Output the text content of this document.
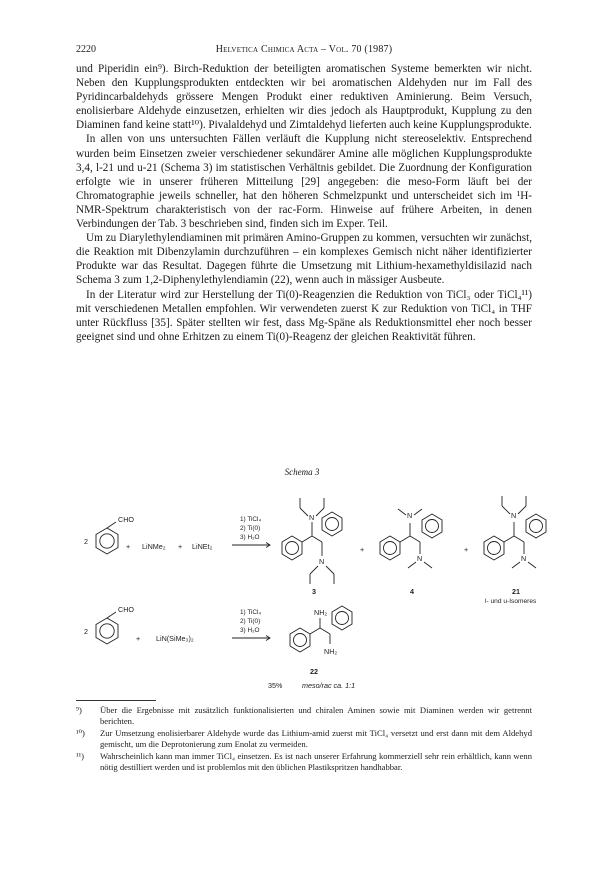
2220	Helvetica Chimica Acta – Vol. 70 (1987)

und Piperidin ein⁹). Birch-Reduktion der beteiligten aromatischen Systeme bemerkten wir nicht. Neben den Kupplungsprodukten entdeckten wir bei aromatischen Aldehyden nur im Fall des Pyridincarbaldehyds grössere Mengen Produkt einer reduktiven Aminierung. Beim Versuch, enolisierbare Aldehyde einzusetzen, erhielten wir dies jedoch als Hauptprodukt, Kupplung zu den Diaminen fand keine statt¹⁰). Pivalaldehyd und Zimtaldehyd lieferten auch keine Kupplungsprodukte.

In allen von uns untersuchten Fällen verläuft die Kupplung nicht stereoselektiv. Entsprechend wurden beim Einsetzen zweier verschiedener sekundärer Amine alle möglichen Kupplungsprodukte 3,4, l-21 und u-21 (Schema 3) im statistischen Verhältnis gebildet. Die Zuordnung der Konfiguration erfolgte wie in unserer früheren Mitteilung [29] angegeben: die meso-Form läuft bei der Chromatographie jeweils schneller, hat den höheren Schmelzpunkt und unterscheidet sich im ¹H-NMR-Spektrum charakteristisch von der rac-Form. Hinweise auf frühere Arbeiten, in denen Verbindungen der Tab. 3 beschrieben sind, finden sich im Exper. Teil.

Um zu Diarylethylendiaminen mit primären Amino-Gruppen zu kommen, versuchten wir zunächst, die Reaktion mit Dibenzylamin durchzuführen – ein komplexes Gemisch nicht näher identifizierter Produkte war das Resultat. Dagegen führte die Umsetzung mit Lithium-hexamethyldisilazid nach Schema 3 zum 1,2-Diphenylethylendiamin (22), wenn auch in mässiger Ausbeute.

In der Literatur wird zur Herstellung der Ti(0)-Reagenzien die Reduktion von TiCl₃ oder TiCl₄¹¹) mit verschiedenen Metallen empfohlen. Wir verwendeten zuerst K zur Reduktion von TiCl₄ in THF unter Rückfluss [35]. Später stellten wir fest, dass Mg-Späne als Reduktionsmittel eher noch besser geeignet sind und ohne Erhitzen zu einem Ti(0)-Reagenz der gleichen Reaktivität führen.

Schema 3
2
CHO
+ LiNMe₂ + LiNEt₂
1) TiCl₄
2) Ti(0)
3) H₂O
N
N
+
N
N
+
N
N
3	4	21
l- und u-Isomeres
2
CHO
+ LiN(SiMe₃)₂
1) TiCl₄
2) Ti(0)
3) H₂O
NH₂
NH₂
22
35%	meso/rac ca. 1:1
⁹) Über die Ergebnisse mit zusätzlich funktionalisierten und chiralen Aminen sowie mit Diaminen werden wir getrennt berichten.
¹⁰) Zur Umsetzung enolisierbarer Aldehyde wurde das Lithium-amid zuerst mit TiCl₄ versetzt und erst dann mit dem Aldehyd gemischt, um die Deprotonierung zum Enolat zu vermeiden.
¹¹) Wahrscheinlich kann man immer TiCl₄ einsetzen. Es ist nach unserer Erfahrung kommerziell sehr rein erhältlich, kann wenn nötig destilliert werden und ist problemlos mit den üblichen Plastikspritzen handhabbar.
